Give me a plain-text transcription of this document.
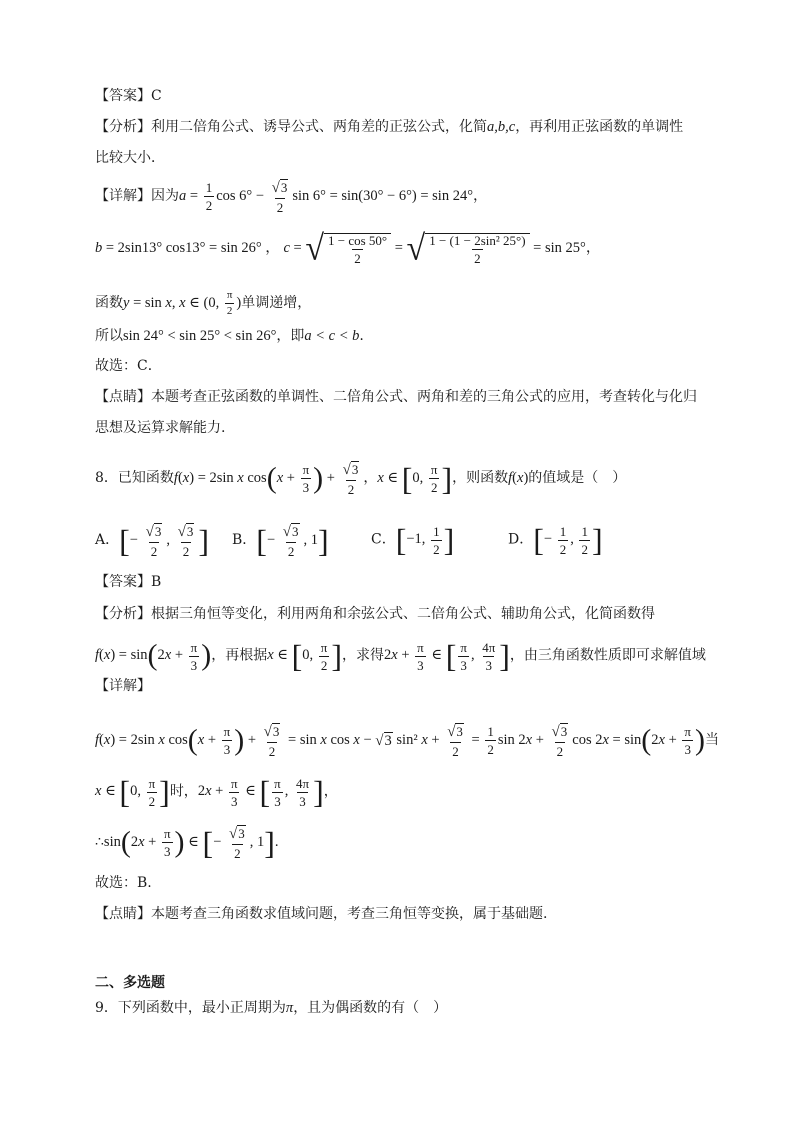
【答案】C
【分析】利用二倍角公式、诱导公式、两角差的正弦公式，化简a,b,c，再利用正弦函数的单调性
比较大小．
【详解】因为$a = \frac{1}{2}$ $\cos 6^\circ - \frac{√3}{2}$ sin 6° = sin(30° − 6°) = sin 24°，
b = 2sin13° cos13° = sin 26° ， c = √ $\frac{1 - \cos 50^\circ}{2}$ = √ $\frac{\text{1 − (1 − 2sin² 25°)}}{2} = \sin 25^\circ$，
函数y = sin x, x ∈ (0, $\frac{\pi}{2}$ )单调递增，
所以sin 24° < sin 25° < sin 26°，即a < c < b.
故选：C．
【点睛】本题考查正弦函数的单调性、二倍角公式、两角和差的三角公式的应用，考查转化与化归
思想及运算求解能力.
8．已知函数f(x) = 2sin x $\cos(x + \frac{\pi}{3}$ ) + $\frac{√3}{2}$ ，x ∈ [0, $\frac{\pi}{2}$ ]，则函数f(x)的值域是（　）
A．[− $\frac{√3}{2}$ , $\frac{√3}{2}$ ] B．[− $\frac{√3}{2}$ , 1]	C．[−1, $\frac{1}{2}$ ]	D．[− $\frac{1}{2}$ , $\frac{1}{2}$ ]
【答案】B
【分析】根据三角恒等变化，利用两角和余弦公式、二倍角公式、辅助角公式，化简函数得
$f(x) = \sin(2x + \frac{\pi}{3}$ )，再根据x ∈ [0, $\frac{\pi}{2}$ ]，求得$2x + \frac{\pi}{3}$ ∈ [ $\frac{\pi}{3}$ , $\frac{4\pi}{3}$ ]，由三角函数性质即可求解值域
【详解】
f(x) = 2sin x $\cos(x + \frac{\pi}{3}$ ) + $\frac{√3}{2} = \sin x$ cos x − √3 sin² $x + \frac{√3}{2} = \frac{1}{2}$ $\sin 2x + \frac{√3}{2}$ $\cos 2x = \sin(2x + \frac{\pi}{3}$ )当
x ∈ [0, $\frac{\pi}{2}$ ]时，$2x + \frac{\pi}{3}$ ∈ [ $\frac{\pi}{3}$ , $\frac{4\pi}{3}$ ]，
∴sin(2x + $\frac{\pi}{3}$ ) ∈ [− $\frac{√3}{2}$ , 1].
故选：B.
【点睛】本题考查三角函数求值域问题，考查三角恒等变换，属于基础题.
二、多选题
9．下列函数中，最小正周期为π，且为偶函数的有（　）
